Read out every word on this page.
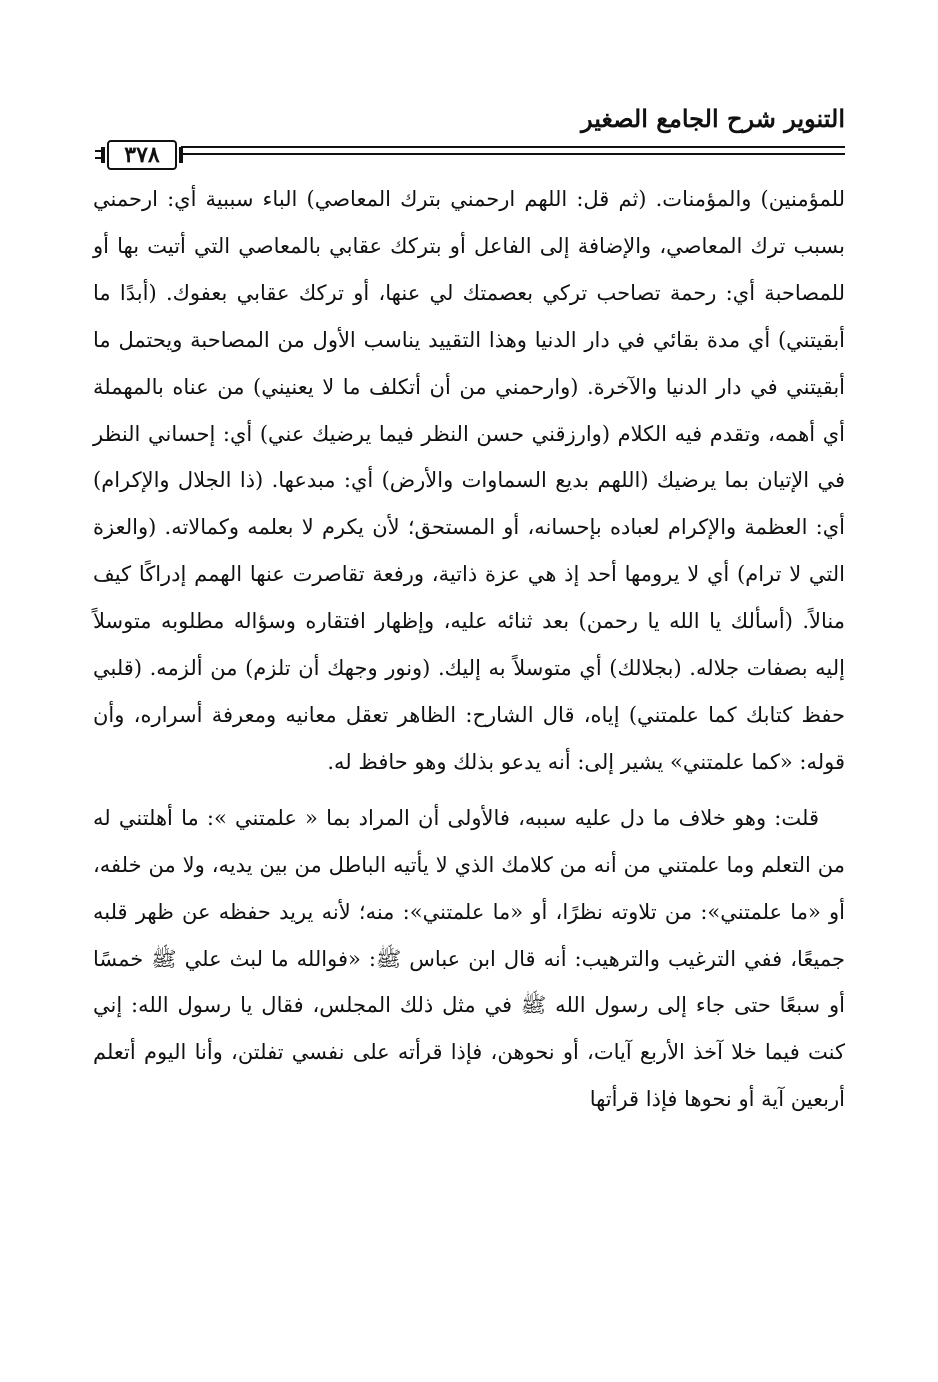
التنوير شرح الجامع الصغير
٣٧٨

للمؤمنين) والمؤمنات. (ثم قل: اللهم ارحمني بترك المعاصي) الباء سببية أي: ارحمني بسبب ترك المعاصي، والإضافة إلى الفاعل أو بتركك عقابي بالمعاصي التي أتيت بها أو للمصاحبة أي: رحمة تصاحب تركي بعصمتك لي عنها، أو تركك عقابي بعفوك. (أبدًا ما أبقيتني) أي مدة بقائي في دار الدنيا وهذا التقييد يناسب الأول من المصاحبة ويحتمل ما أبقيتني في دار الدنيا والآخرة. (وارحمني من أن أتكلف ما لا يعنيني) من عناه بالمهملة أي أهمه، وتقدم فيه الكلام (وارزقني حسن النظر فيما يرضيك عني) أي: إحساني النظر في الإتيان بما يرضيك (اللهم بديع السماوات والأرض) أي: مبدعها. (ذا الجلال والإكرام) أي: العظمة والإكرام لعباده بإحسانه، أو المستحق؛ لأن يكرم لا بعلمه وكمالاته. (والعزة التي لا ترام) أي لا يرومها أحد إذ هي عزة ذاتية، ورفعة تقاصرت عنها الهمم إدراكًا كيف منالاً. (أسألك يا الله يا رحمن) بعد ثنائه عليه، وإظهار افتقاره وسؤاله مطلوبه متوسلاً إليه بصفات جلاله. (بجلالك) أي متوسلاً به إليك. (ونور وجهك أن تلزم) من ألزمه. (قلبي حفظ كتابك كما علمتني) إياه، قال الشارح: الظاهر تعقل معانيه ومعرفة أسراره، وأن قوله: «كما علمتني» يشير إلى: أنه يدعو بذلك وهو حافظ له.

قلت: وهو خلاف ما دل عليه سببه، فالأولى أن المراد بما « علمتني »: ما أهلتني له من التعلم وما علمتني من أنه من كلامك الذي لا يأتيه الباطل من بين يديه، ولا من خلفه، أو «ما علمتني»: من تلاوته نظرًا، أو «ما علمتني»: منه؛ لأنه يريد حفظه عن ظهر قلبه جميعًا، ففي الترغيب والترهيب: أنه قال ابن عباس ﷺ: «فوالله ما لبث علي ﷺ خمسًا أو سبعًا حتى جاء إلى رسول الله ﷺ في مثل ذلك المجلس، فقال يا رسول الله: إني كنت فيما خلا آخذ الأربع آيات، أو نحوهن، فإذا قرأته على نفسي تفلتن، وأنا اليوم أتعلم أربعين آية أو نحوها فإذا قرأتها
